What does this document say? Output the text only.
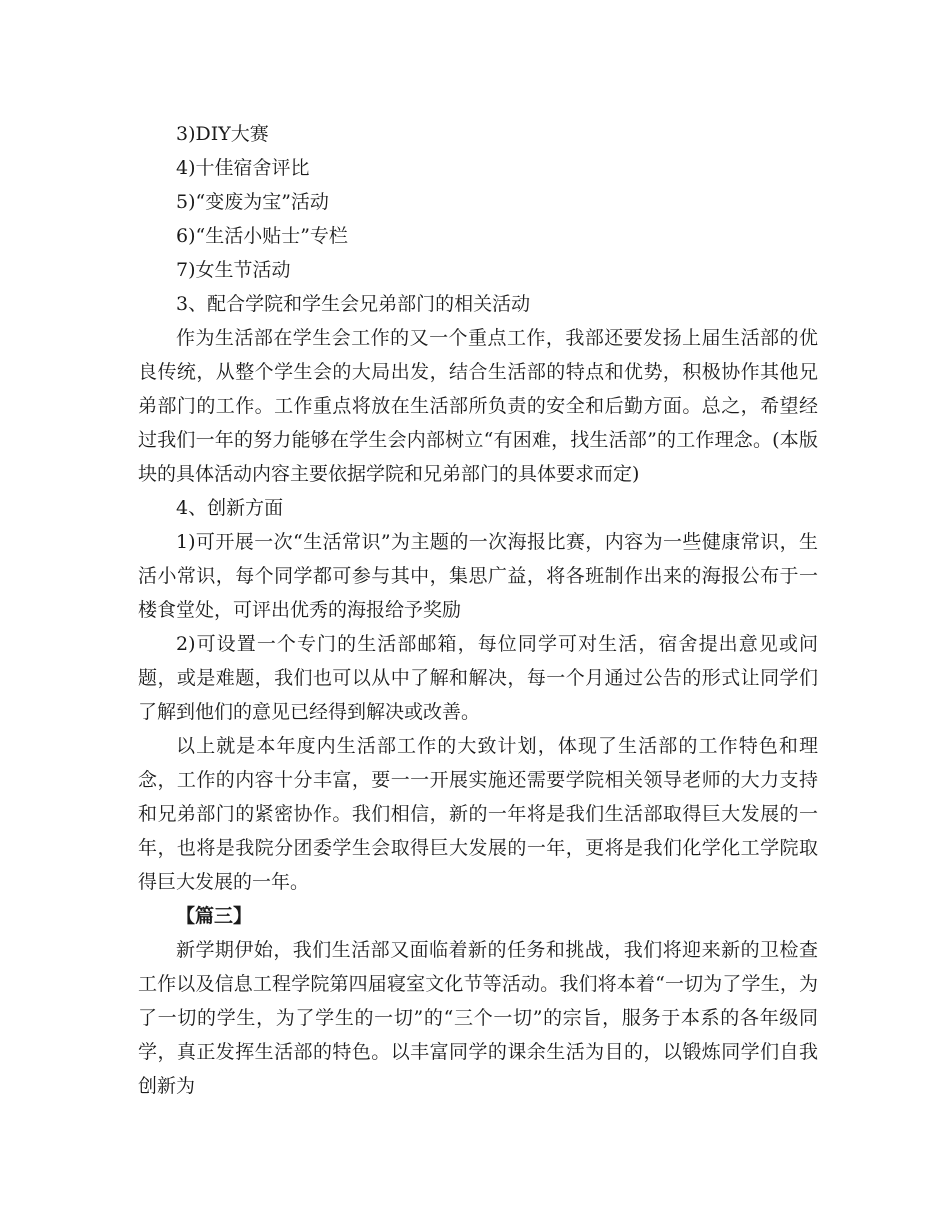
3)DIY大赛

4)十佳宿舍评比

5)“变废为宝”活动

6)“生活小贴士”专栏

7)女生节活动

3、配合学院和学生会兄弟部门的相关活动

作为生活部在学生会工作的又一个重点工作，我部还要发扬上届生活部的优良传统，从整个学生会的大局出发，结合生活部的特点和优势，积极协作其他兄弟部门的工作。工作重点将放在生活部所负责的安全和后勤方面。总之，希望经过我们一年的努力能够在学生会内部树立“有困难，找生活部”的工作理念。(本版块的具体活动内容主要依据学院和兄弟部门的具体要求而定)

4、创新方面

1)可开展一次“生活常识”为主题的一次海报比赛，内容为一些健康常识，生活小常识，每个同学都可参与其中，集思广益，将各班制作出来的海报公布于一楼食堂处，可评出优秀的海报给予奖励

2)可设置一个专门的生活部邮箱，每位同学可对生活，宿舍提出意见或问题，或是难题，我们也可以从中了解和解决，每一个月通过公告的形式让同学们了解到他们的意见已经得到解决或改善。

以上就是本年度内生活部工作的大致计划，体现了生活部的工作特色和理念，工作的内容十分丰富，要一一开展实施还需要学院相关领导老师的大力支持和兄弟部门的紧密协作。我们相信，新的一年将是我们生活部取得巨大发展的一年，也将是我院分团委学生会取得巨大发展的一年，更将是我们化学化工学院取得巨大发展的一年。

【篇三】

新学期伊始，我们生活部又面临着新的任务和挑战，我们将迎来新的卫检查工作以及信息工程学院第四届寝室文化节等活动。我们将本着“一切为了学生，为了一切的学生，为了学生的一切”的“三个一切”的宗旨，服务于本系的各年级同学，真正发挥生活部的特色。以丰富同学的课余生活为目的，以锻炼同学们自我创新为
